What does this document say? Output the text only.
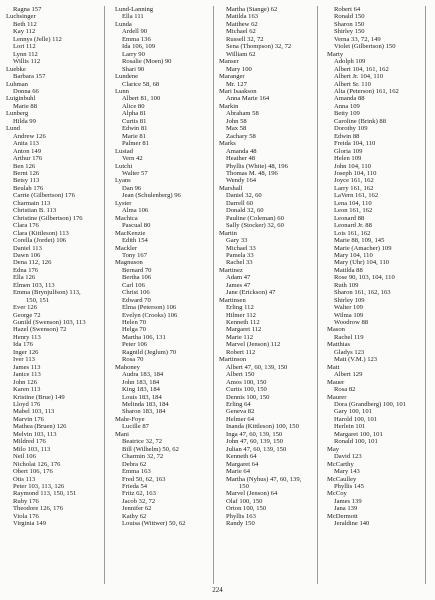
Ragna 157
Luchsinger
Beth 112
Kay 112
Lennys (Jelle) 112
Lori 112
Lynn 112
Willis 112
Luebke
Barbara 157
Luhman
Donna 66
Luiginbuhl
Marie 88
Lunberg
Hilda 99
Lund
Andrew 126
Anita 113
Anton 149
Arthur 176
Ben 126
Bernt 126
Betsy 113
Beulah 176
Carrie (Gilbertson) 176
Charmain 113
Christian B. 113
Christine (Gilbertson) 176
Clara 176
Clara (Kittleson) 113
Corella (Jordet) 106
Daniel 113
Dawn 106
Dena 112, 126
Edna 176
Ella 126
Elmen 103, 113
Emma (Brynjulfson) 113,
150, 151
Ever 126
George 72
Gunild (Swenson) 103, 113
Hazel (Swenson) 72
Henry 113
Ida 176
Inger 126
Iver 113
James 113
Janice 113
John 126
Karen 113
Kristine (Brue) 149
Lloyd 176
Mabel 103, 113
Marvin 176
Mathea (Bruen) 126
Melvin 103, 113
Mildred 176
Milo 103, 113
Neil 106
Nicholai 126, 176
Obert 106, 176
Otis 113
Peter 103, 113, 126
Raymond 113, 150, 151
Ruby 176
Theodore 126, 176
Viola 176
Virginia 149
Lund-Lanning
Ella 111
Lunda
Ardell 90
Emma 136
Ida 106, 109
Larry 90
Rosalie (Moen) 90
Shari 90
Lundene
Clarice 58, 68
Lunn
Albert 81, 100
Alice 80
Alpha 81
Curtis 81
Edwin 81
Marie 81
Palmer 81
Lustad
Vern 42
Lutchi
Walter 57
Lyans
Dan 96
Jean (Schulenberg) 96
Lyster
Alma 106
Machica
Pascual 80
MacKenzie
Edith 154
Mackler
Tony 167
Magnuson
Bernard 70
Bertha 106
Carl 106
Christ 106
Edward 70
Elma (Peterson) 106
Evelyn (Crooks) 106
Helen 70
Helga 70
Martha 106, 131
Peter 106
Ragnild (Jeglum) 70
Rosa 70
Mahoney
Audra 183, 184
John 183, 184
King 183, 184
Louis 183, 184
Melinda 183, 184
Sharon 183, 184
Mahr-Foye
Lucille 87
Mani
Beatrice 32, 72
Bill (Wilhelm) 50, 62
Charmin 32, 72
Debra 62
Emma 163
Fred 50, 62, 163
Frieda 54
Fritz 62, 163
Jacob 32, 72
Jennifer 62
Kathy 62
Louisa (Wittwer) 50, 62
Martha (Stange) 62
Matilda 163
Matthew 62
Michael 62
Russell 32, 72
Sena (Thompson) 32, 72
William 62
Manser
Mary 100
Maranger
Mr. 127
Mari Isaakson
Anna Marie 164
Markin
Abraham 58
John 58
Max 58
Zachary 58
Marks
Amanda 48
Heather 48
Phyllis (White) 48, 196
Thomas M. 48, 196
Wendy 164
Marshall
Daniel 32, 60
Darrell 60
Donald 32, 60
Pauline (Coleman) 60
Sally (Stocker) 32, 60
Martin
Gary 33
Michael 33
Pamela 33
Rachel 33
Martinez
Adam 47
James 47
Jane (Erickson) 47
Martinsen
Erling 112
Hilmer 112
Kenneth 112
Margaret 112
Marie 112
Marvel (Jenson) 112
Robert 112
Martinson
Albert 47, 60, 139, 150
Albert 150
Amos 100, 150
Curtis 100, 150
Dennis 100, 150
Erling 64
Geneva 82
Helmer 64
Inanda (Kittleson) 100, 150
Inga 47, 60, 139, 150
John 47, 60, 139, 150
Julian 47, 60, 139, 150
Kenneth 64
Margaret 64
Marie 64
Martha (Nyhus) 47, 60, 139,
150
Marvel (Jenson) 64
Olaf 100, 150
Orton 100, 150
Phyllis 163
Randy 150
Robert 64
Ronald 150
Sharon 150
Shirley 150
Verna 33, 72, 149
Violet (Gilbertson) 150
Marty
Adolph 109
Albert 104, 161, 162
Albert Jr. 104, 110
Albert Sr. 110
Alta (Peterson) 161, 162
Amanda 88
Anna 109
Betty 109
Caroline (Brink) 88
Dorothy 109
Edwin 88
Freida 104, 110
Gloria 109
Helen 109
John 104, 110
Joseph 104, 110
Joyce 161, 162
Larry 161, 162
LaVern 161, 162
Lena 104, 110
Leon 161, 162
Leonard 88
Leonard Jr. 88
Lois 161, 162
Marie 88, 109, 145
Marie (Amacher) 109
Mary 104, 110
Mary (Uhr) 104, 110
Matilda 88
Rose 90, 103, 104, 110
Ruth 109
Sharon 161, 162, 163
Shirley 109
Walter 109
Wilma 109
Woodrow 88
Mason
Rachel 119
Matthias
Gladys 123
Matt (V.M.) 123
Matt
Albert 129
Mauer
Rosa 82
Maurer
Dora (Grandberg) 100, 101
Gary 100, 101
Harold 100, 101
Herlein 101
Margaret 100, 101
Ronald 100, 101
May
David 123
McCarthy
Mary 143
McCaulley
Phyllis 145
McCoy
James 139
Jana 139
McDermott
Jeraldine 140
224
